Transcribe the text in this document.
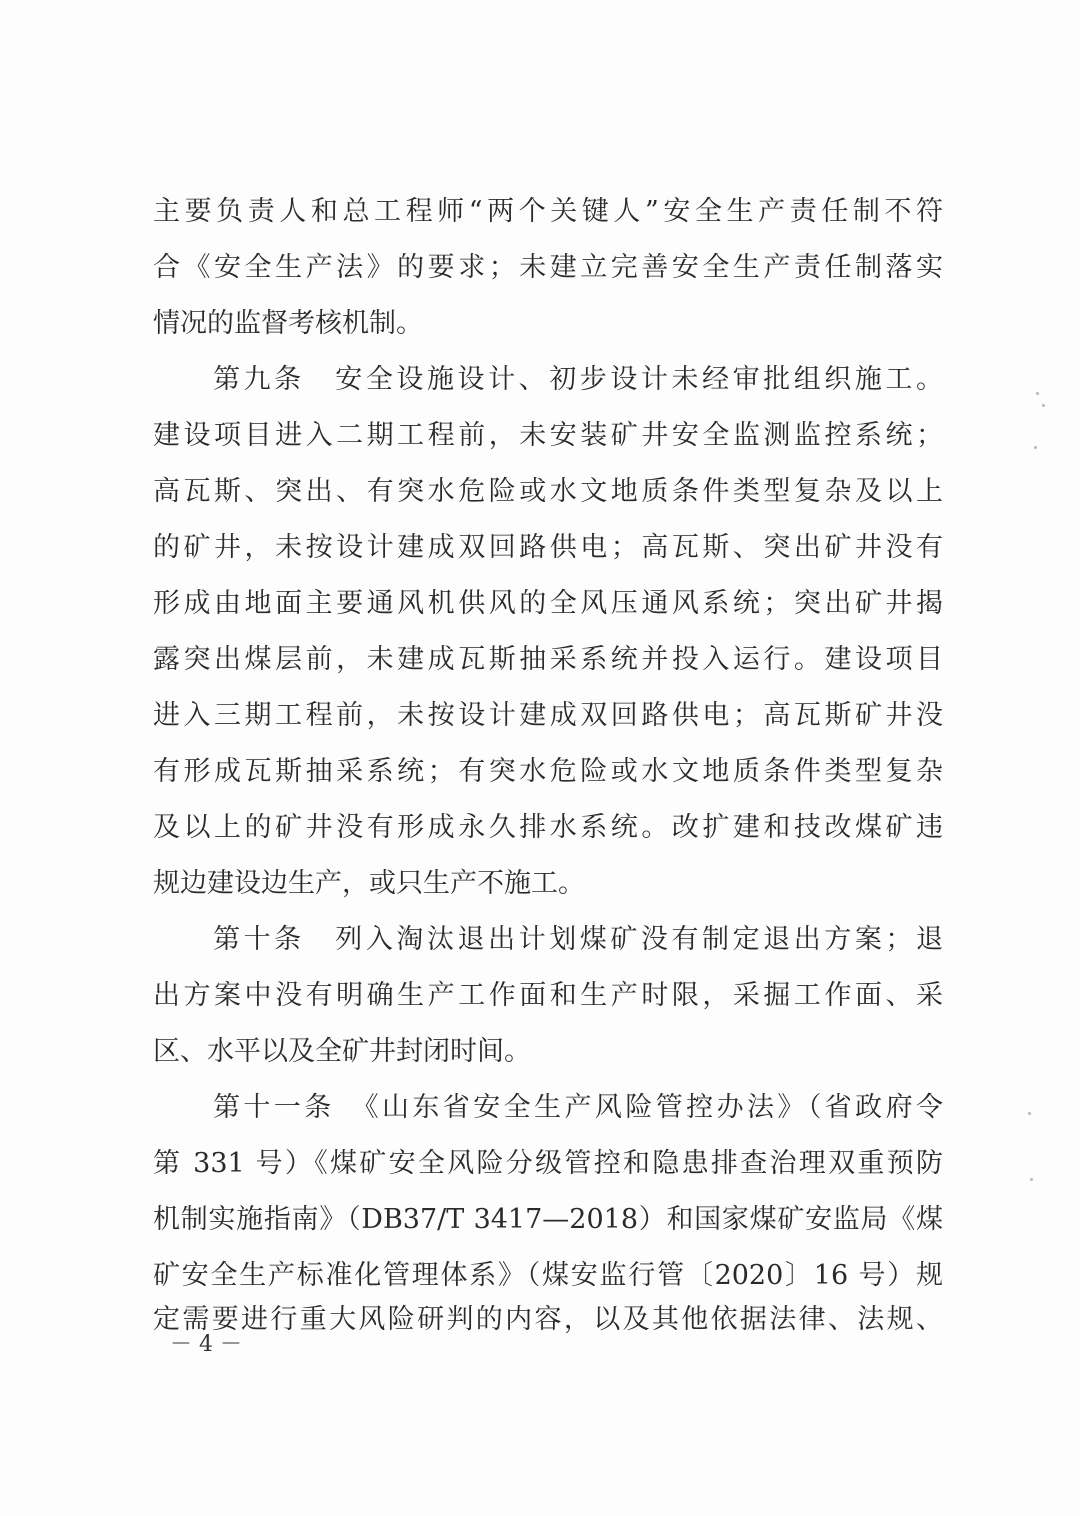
主要负责人和总工程师“两个关键人”安全生产责任制不符
合《安全生产法》的要求；未建立完善安全生产责任制落实
情况的监督考核机制。
第九条　安全设施设计、初步设计未经审批组织施工。
建设项目进入二期工程前，未安装矿井安全监测监控系统；
高瓦斯、突出、有突水危险或水文地质条件类型复杂及以上
的矿井，未按设计建成双回路供电；高瓦斯、突出矿井没有
形成由地面主要通风机供风的全风压通风系统；突出矿井揭
露突出煤层前，未建成瓦斯抽采系统并投入运行。建设项目
进入三期工程前，未按设计建成双回路供电；高瓦斯矿井没
有形成瓦斯抽采系统；有突水危险或水文地质条件类型复杂
及以上的矿井没有形成永久排水系统。改扩建和技改煤矿违
规边建设边生产，或只生产不施工。
第十条　列入淘汰退出计划煤矿没有制定退出方案；退
出方案中没有明确生产工作面和生产时限，采掘工作面、采
区、水平以及全矿井封闭时间。
第十一条　《山东省安全生产风险管控办法》（省政府令
第 331 号）《煤矿安全风险分级管控和隐患排查治理双重预防
机制实施指南》（DB37/T 3417—2018）和国家煤矿安监局《煤
矿安全生产标准化管理体系》（煤安监行管〔2020〕16 号）规
定需要进行重大风险研判的内容，以及其他依据法律、法规、
－ 4 －
